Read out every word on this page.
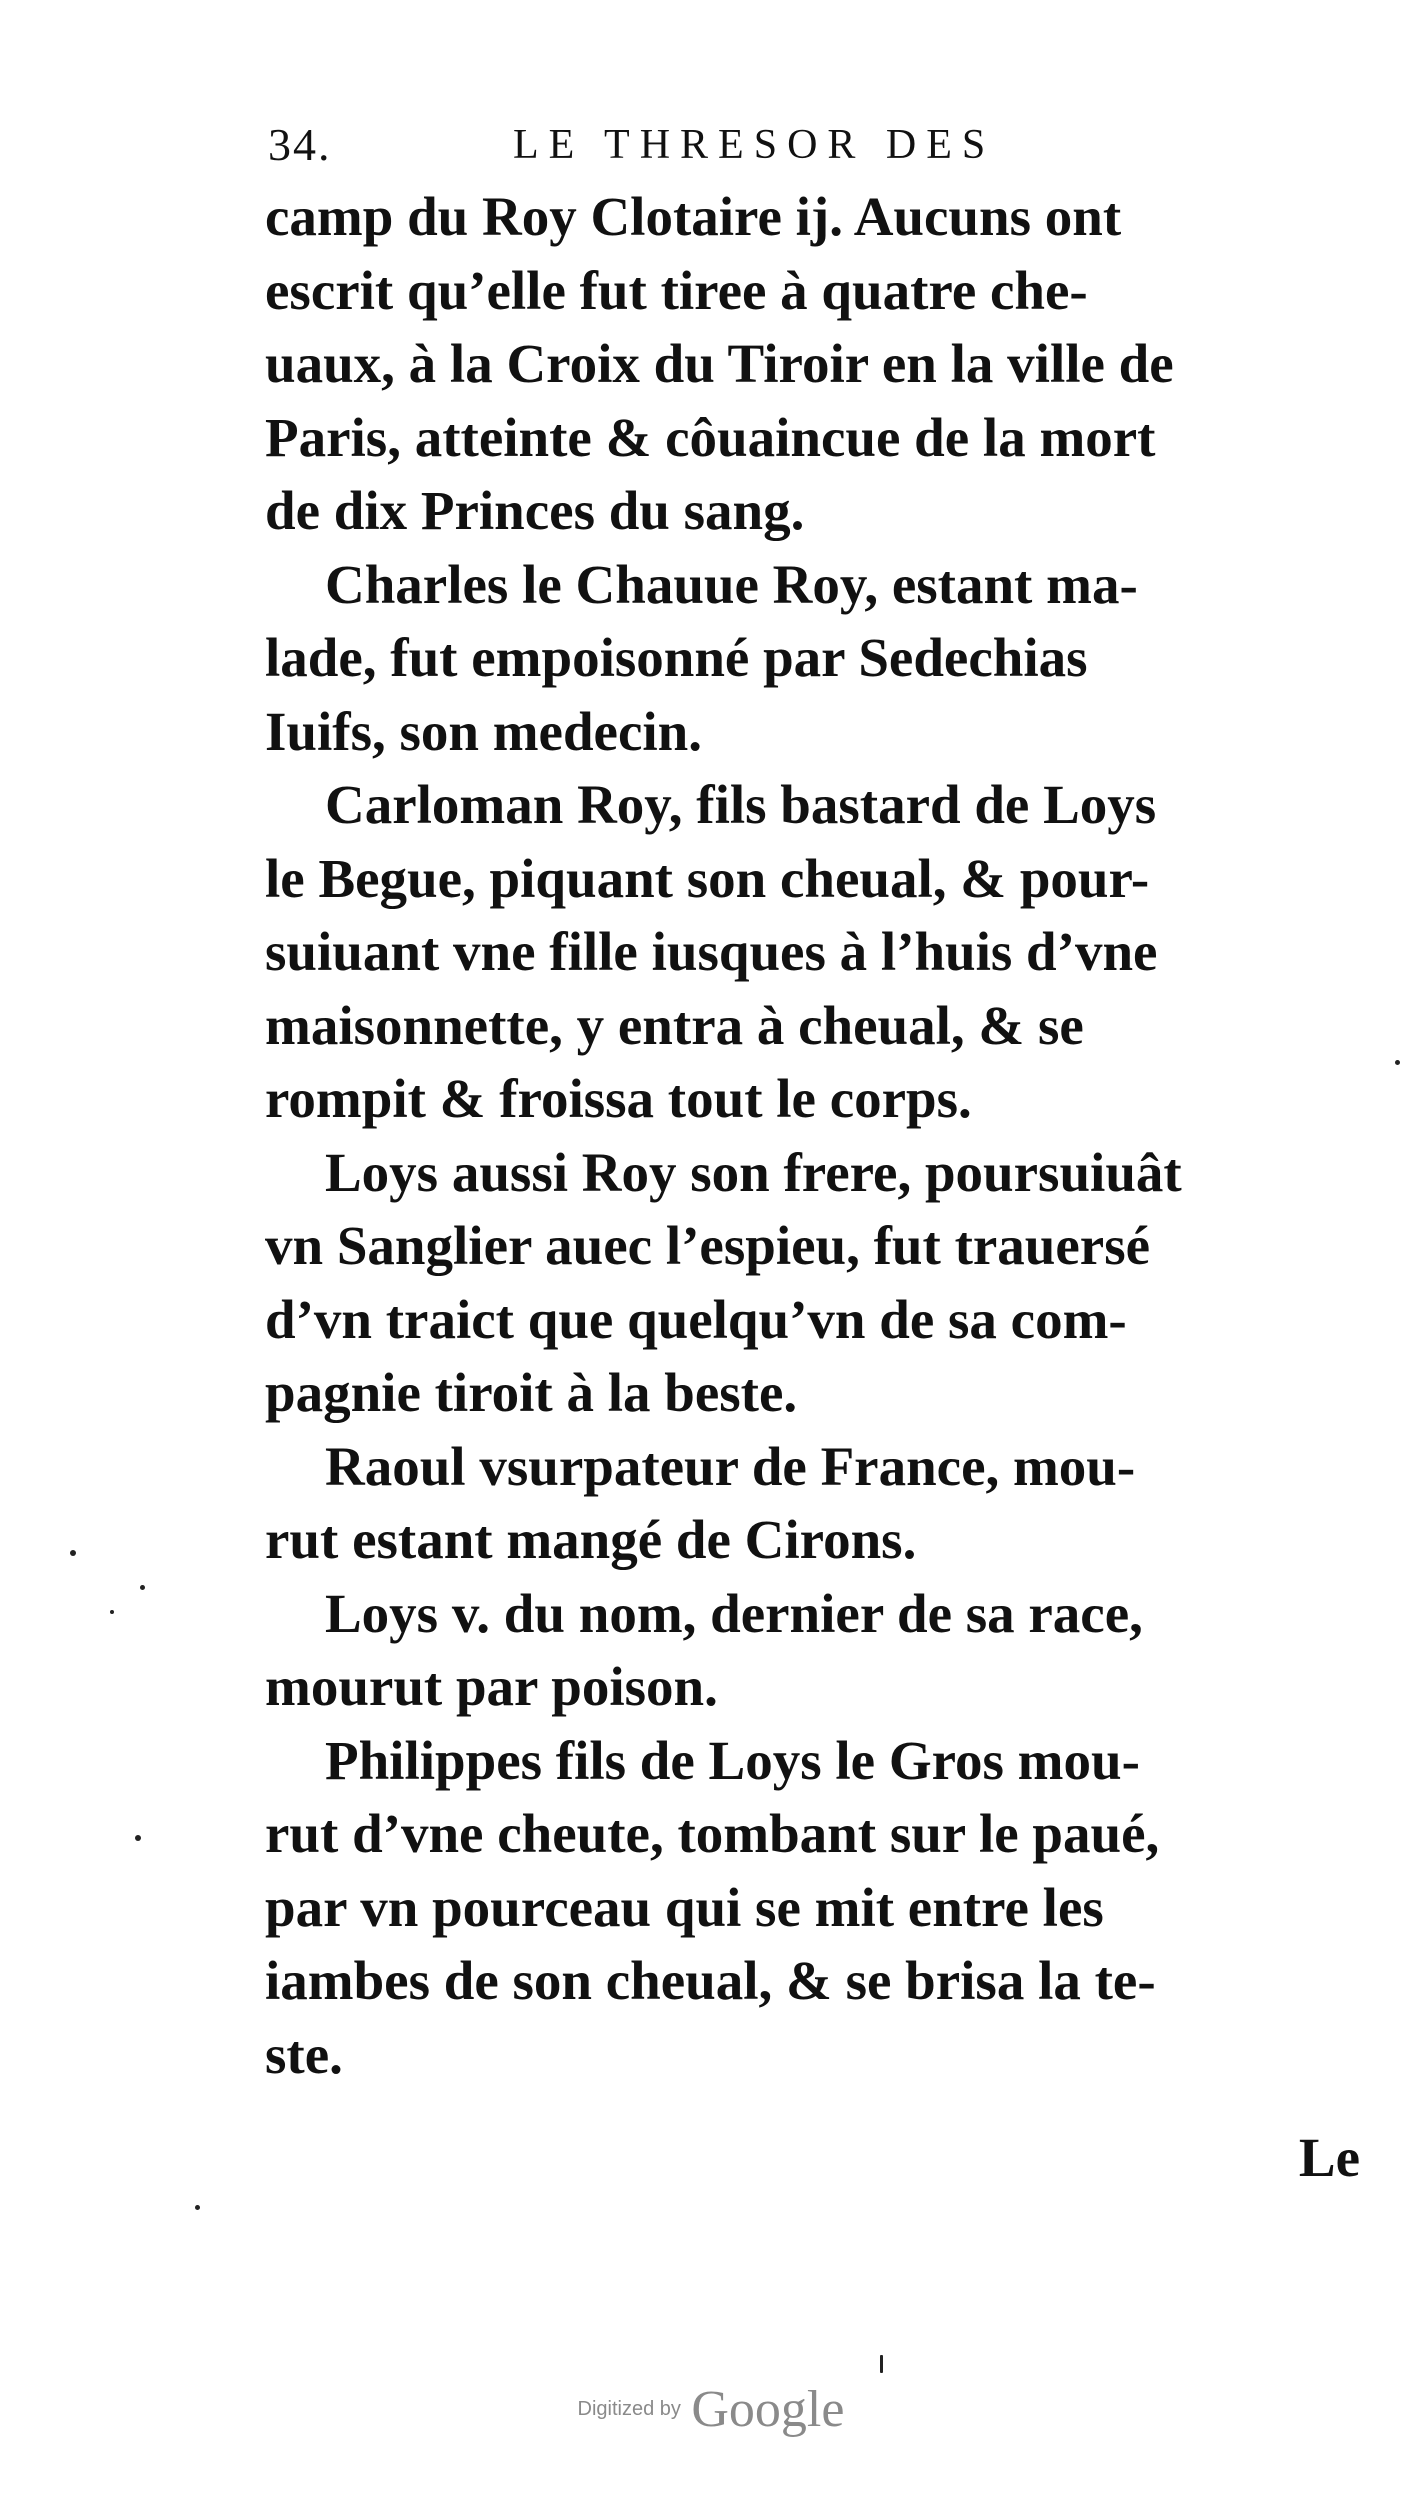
34.	LE THRESOR DES
camp du Roy Clotaire ij. Aucuns ont
escrit qu’elle fut tiree à quatre che-
uaux, à la Croix du Tiroir en la ville de
Paris, atteinte & côuaincue de la mort
de dix Princes du sang.
Charles le Chauue Roy, estant ma-
lade, fut empoisonné par Sedechias
Iuifs, son medecin.
Carloman Roy, fils bastard de Loys
le Begue, piquant son cheual, & pour-
suiuant vne fille iusques à l’huis d’vne
maisonnette, y entra à cheual, & se
rompit & froissa tout le corps.
Loys aussi Roy son frere, poursuiuât
vn Sanglier auec l’espieu, fut trauersé
d’vn traict que quelqu’vn de sa com-
pagnie tiroit à la beste.
Raoul vsurpateur de France, mou-
rut estant mangé de Cirons.
Loys v. du nom, dernier de sa race,
mourut par poison.
Philippes fils de Loys le Gros mou-
rut d’vne cheute, tombant sur le paué,
par vn pourceau qui se mit entre les
iambes de son cheual, & se brisa la te-
ste.
Le
Digitized by Google
